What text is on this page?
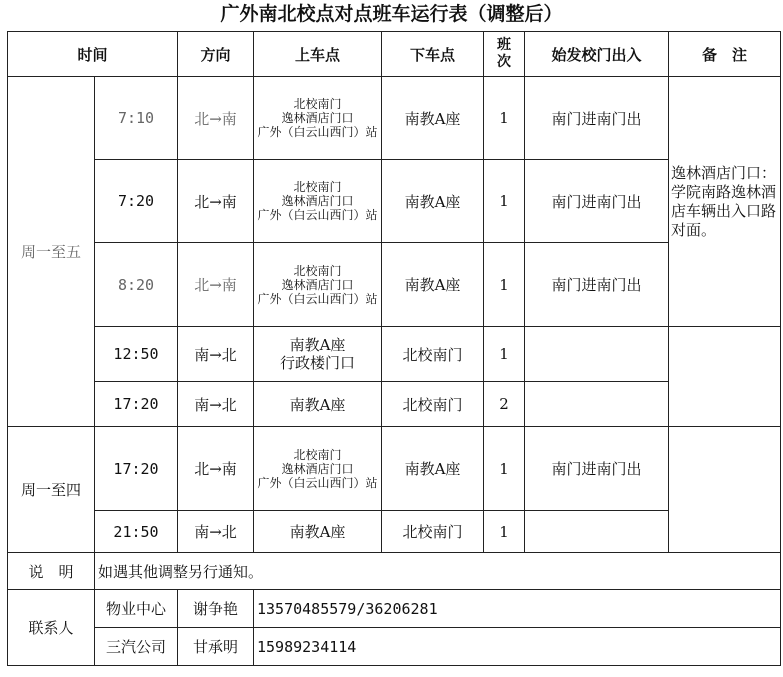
广外南北校点对点班车运行表（调整后）
时间		方向	上车点	下车点	班次	始发校门出入	备　注
周一至五	7:10	北→南	北校南门
逸林酒店门口
广外（白云山西门）站	南教A座	1	南门进南门出	逸林酒店门口：学院南路逸林酒店车辆出入口路对面。
	7:20	北→南	北校南门
逸林酒店门口
广外（白云山西门）站	南教A座	1	南门进南门出	
	8:20	北→南	北校南门
逸林酒店门口
广外（白云山西门）站	南教A座	1	南门进南门出	
	12:50	南→北	南教A座
行政楼门口	北校南门	1		
	17:20	南→北	南教A座	北校南门	2		
周一至四	17:20	北→南	北校南门
逸林酒店门口
广外（白云山西门）站	南教A座	1	南门进南门出	
	21:50	南→北	南教A座	北校南门	1		
说　明	如遇其他调整另行通知。						
联系人	物业中心	谢争艳	13570485579/36206281				
	三汽公司	甘承明	15989234114				
